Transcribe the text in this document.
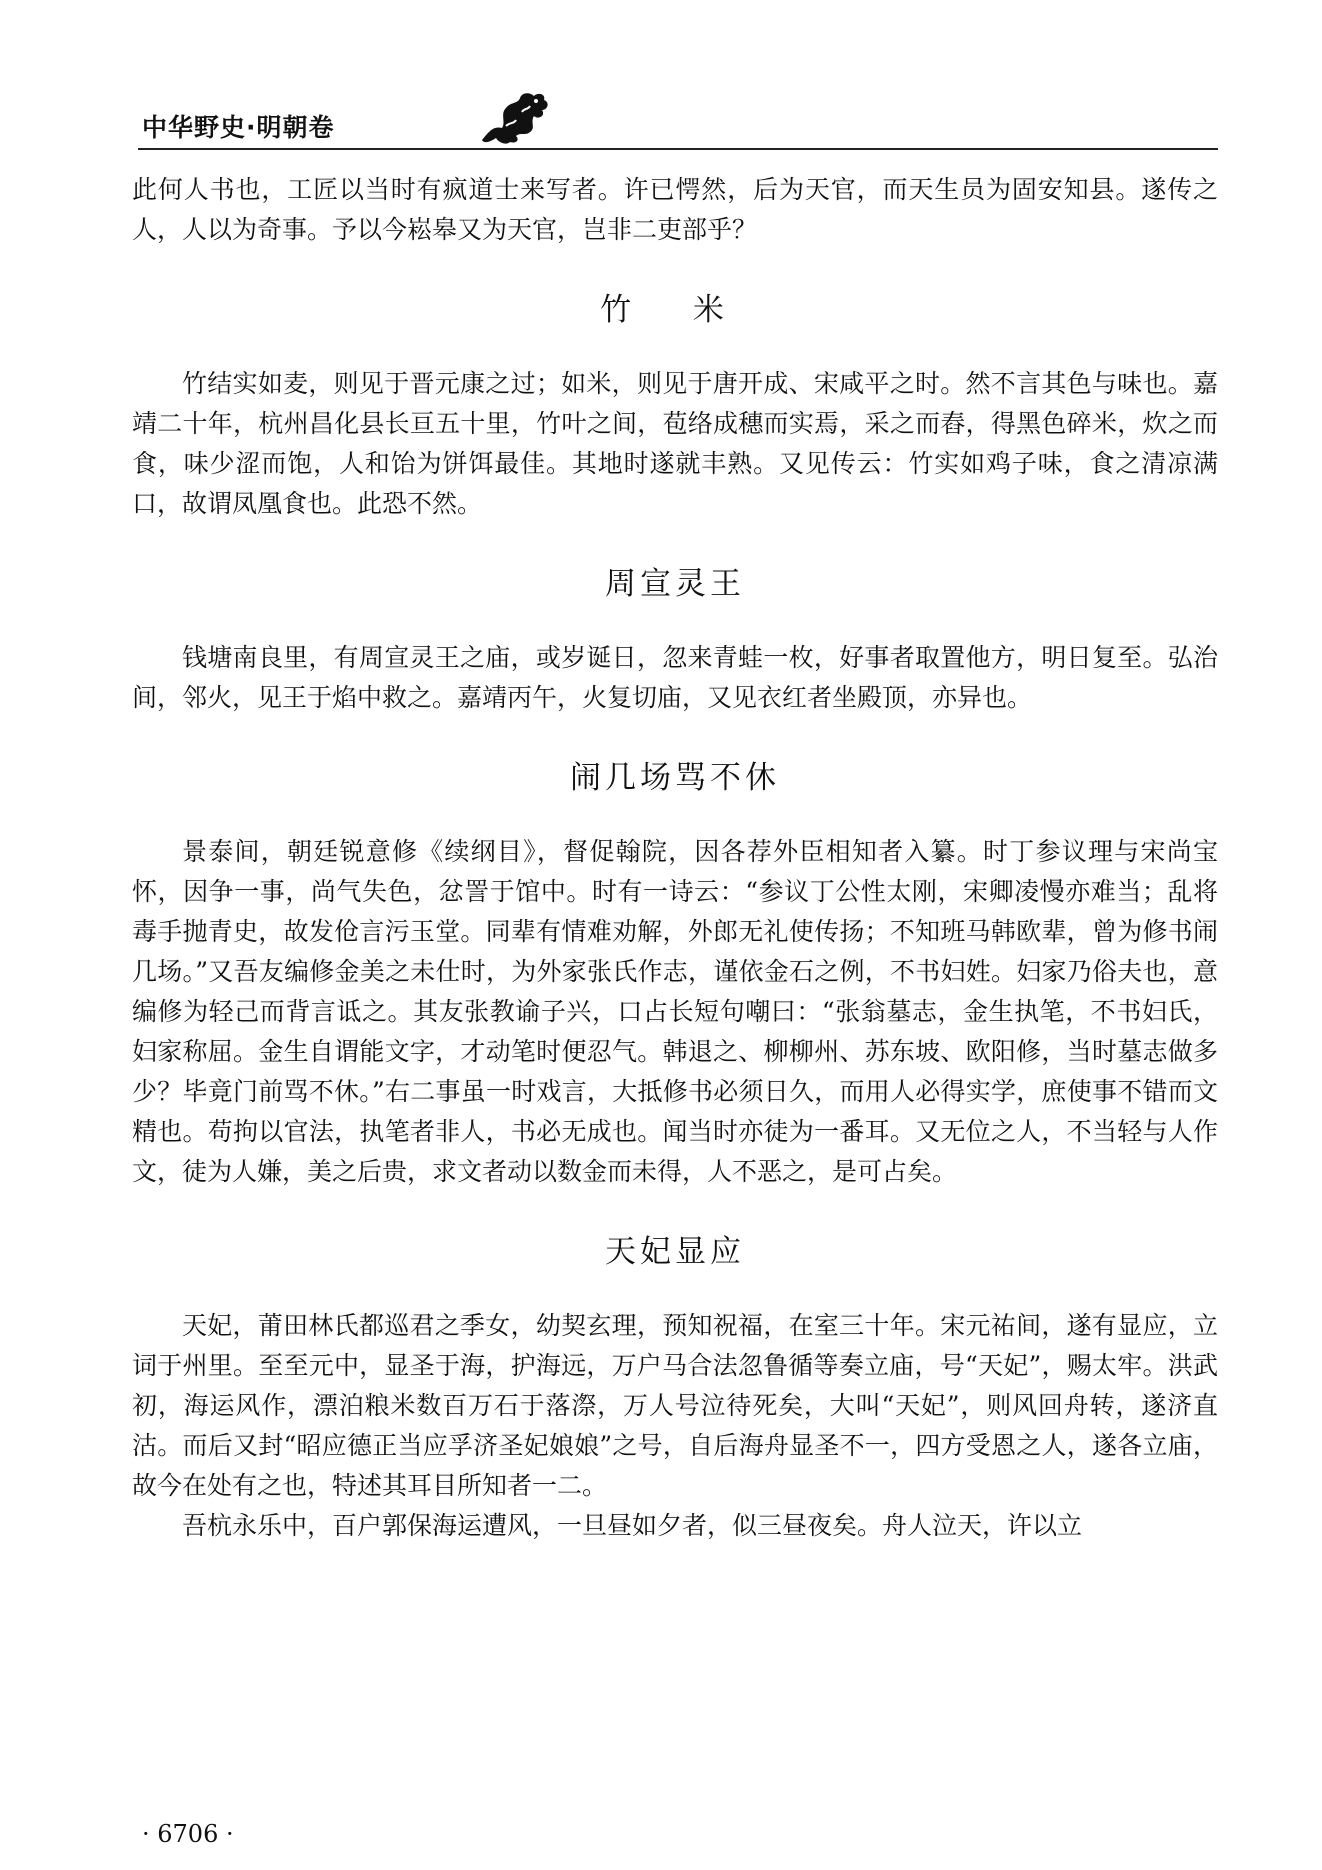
中华野史·明朝卷

此何人书也，工匠以当时有疯道士来写者。许已愕然，后为天官，而天生员为固安知县。遂传之人，人以为奇事。予以今崧皋又为天官，岂非二吏部乎？

竹 米

竹结实如麦，则见于晋元康之过；如米，则见于唐开成、宋咸平之时。然不言其色与味也。嘉靖二十年，杭州昌化县长亘五十里，竹叶之间，苞络成穗而实焉，采之而舂，得黑色碎米，炊之而食，味少涩而饱，人和饴为饼饵最佳。其地时遂就丰熟。又见传云：竹实如鸡子味，食之清凉满口，故谓凤凰食也。此恐不然。

周宣灵王

钱塘南良里，有周宣灵王之庙，或岁诞日，忽来青蛙一枚，好事者取置他方，明日复至。弘治间，邻火，见王于焰中救之。嘉靖丙午，火复切庙，又见衣红者坐殿顶，亦异也。

闹几场骂不休

景泰间，朝廷锐意修《续纲目》，督促翰院，因各荐外臣相知者入纂。时丁参议理与宋尚宝怀，因争一事，尚气失色，忿詈于馆中。时有一诗云：“参议丁公性太刚，宋卿凌慢亦难当；乱将毒手抛青史，故发伧言污玉堂。同辈有情难劝解，外郎无礼使传扬；不知班马韩欧辈，曾为修书闹几场。”又吾友编修金美之未仕时，为外家张氏作志，谨依金石之例，不书妇姓。妇家乃俗夫也，意编修为轻己而背言诋之。其友张教谕子兴，口占长短句嘲曰：“张翁墓志，金生执笔，不书妇氏，妇家称屈。金生自谓能文字，才动笔时便忍气。韩退之、柳柳州、苏东坡、欧阳修，当时墓志做多少？毕竟门前骂不休。”右二事虽一时戏言，大抵修书必须日久，而用人必得实学，庶使事不错而文精也。苟拘以官法，执笔者非人，书必无成也。闻当时亦徒为一番耳。又无位之人，不当轻与人作文，徒为人嫌，美之后贵，求文者动以数金而未得，人不恶之，是可占矣。

天妃显应

天妃，莆田林氏都巡君之季女，幼契玄理，预知祝福，在室三十年。宋元祐间，遂有显应，立词于州里。至至元中，显圣于海，护海远，万户马合法忽鲁循等奏立庙，号“天妃”，赐太牢。洪武初，海运风作，漂泊粮米数百万石于落漈，万人号泣待死矣，大叫“天妃”，则风回舟转，遂济直沽。而后又封“昭应德正当应孚济圣妃娘娘”之号，自后海舟显圣不一，四方受恩之人，遂各立庙，故今在处有之也，特述其耳目所知者一二。

吾杭永乐中，百户郭保海运遭风，一旦昼如夕者，似三昼夜矣。舟人泣天，许以立

· 6706 ·
